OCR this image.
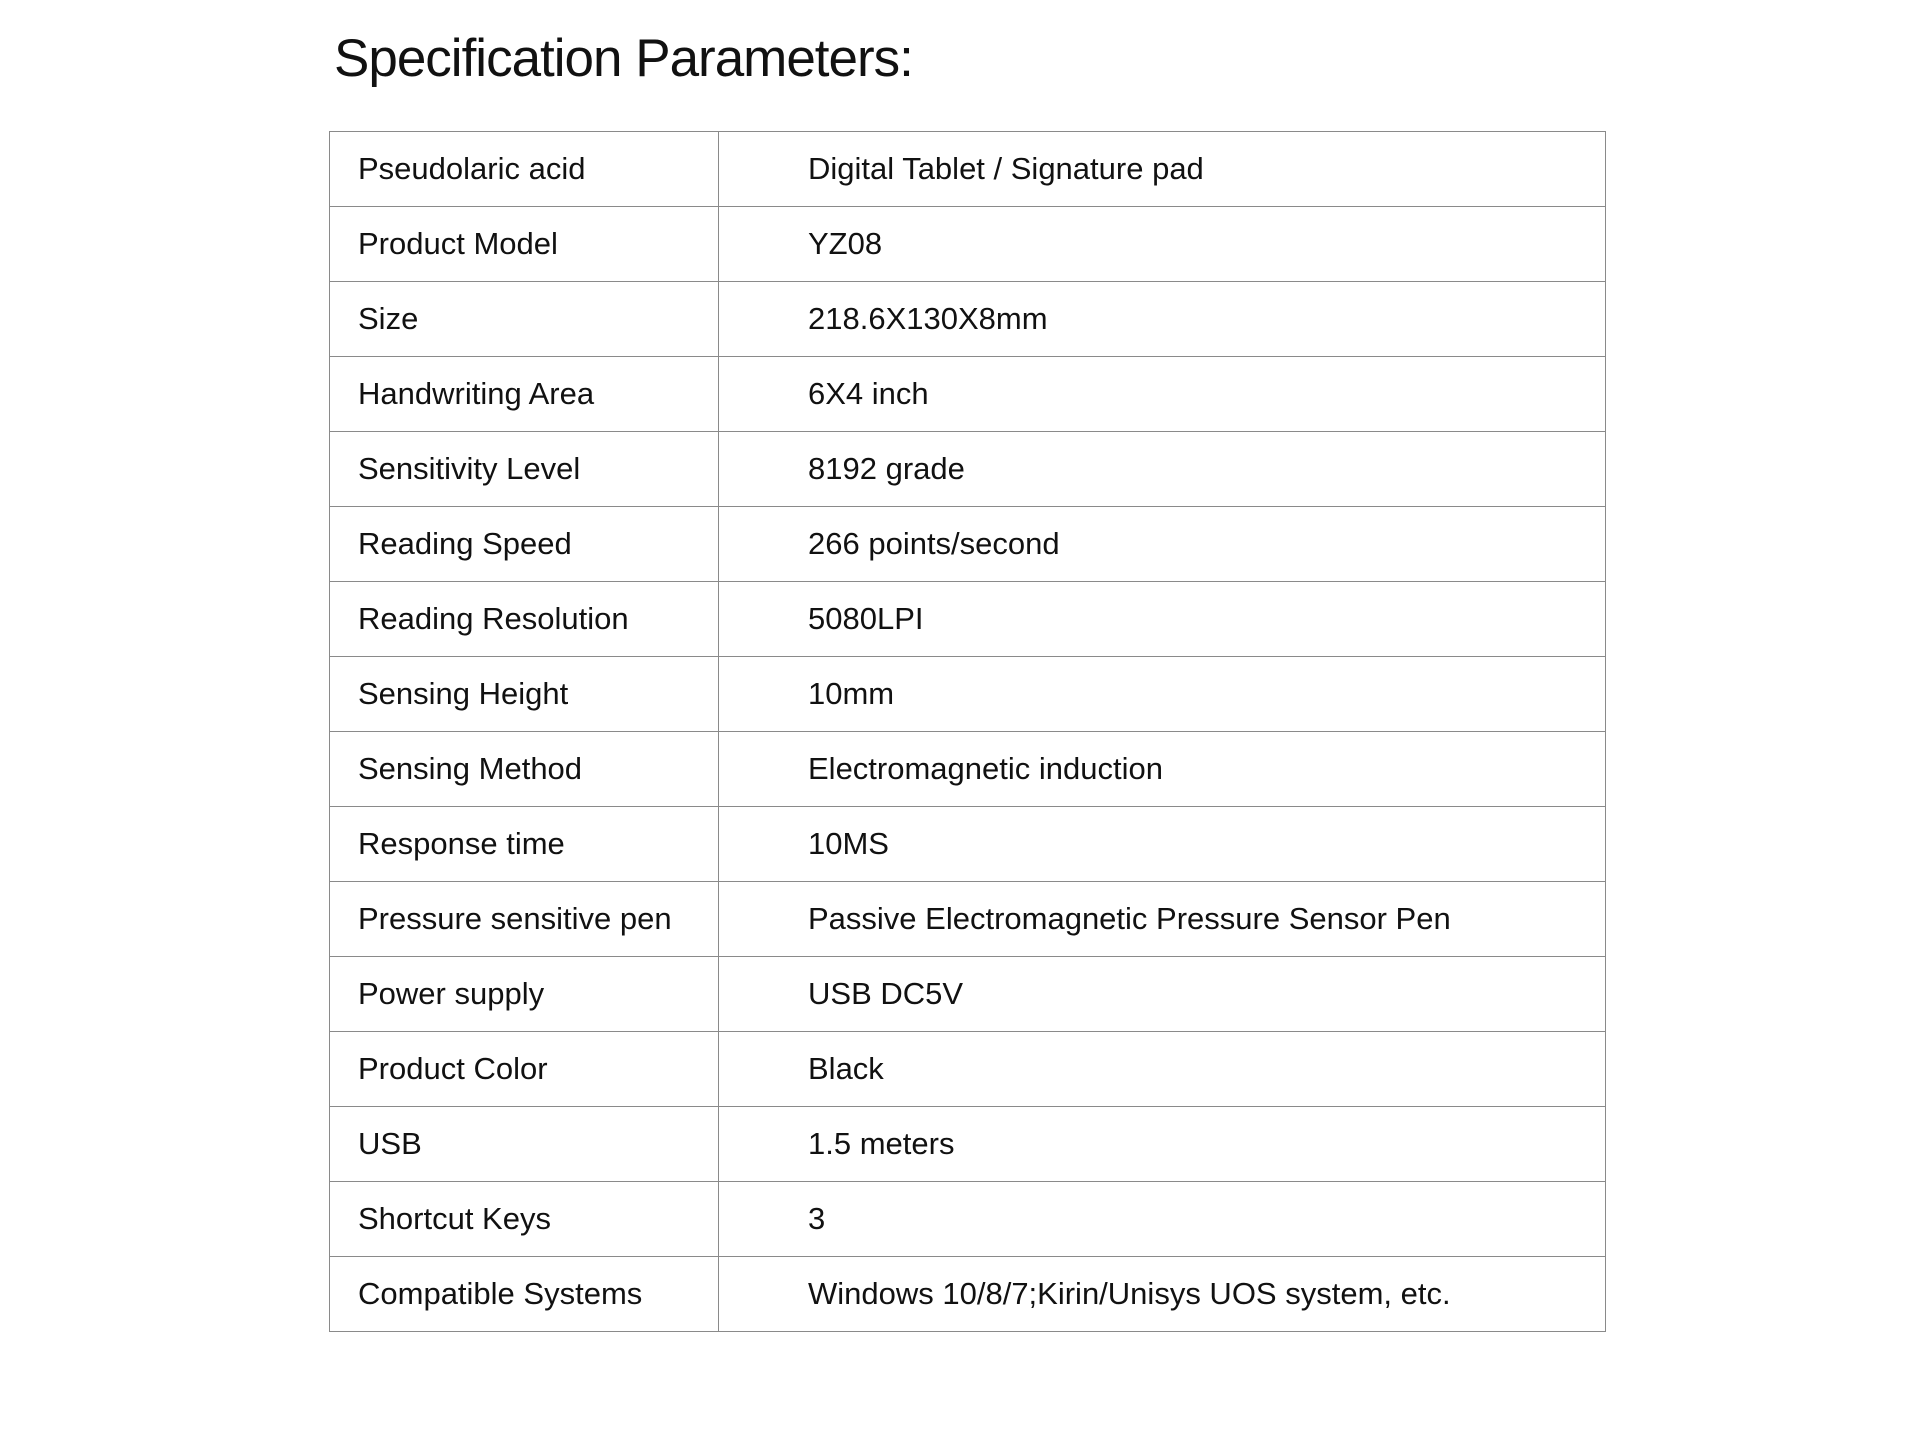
Specification Parameters:
Pseudolaric acid	Digital Tablet / Signature pad
Product Model	YZ08
Size	218.6X130X8mm
Handwriting Area	6X4 inch
Sensitivity Level	8192 grade
Reading Speed	266 points/second
Reading Resolution	5080LPI
Sensing Height	10mm
Sensing Method	Electromagnetic induction
Response time	10MS
Pressure sensitive pen	Passive Electromagnetic Pressure Sensor Pen
Power supply	USB DC5V
Product Color	Black
USB	1.5 meters
Shortcut Keys	3
Compatible Systems	Windows 10/8/7;Kirin/Unisys UOS system, etc.
